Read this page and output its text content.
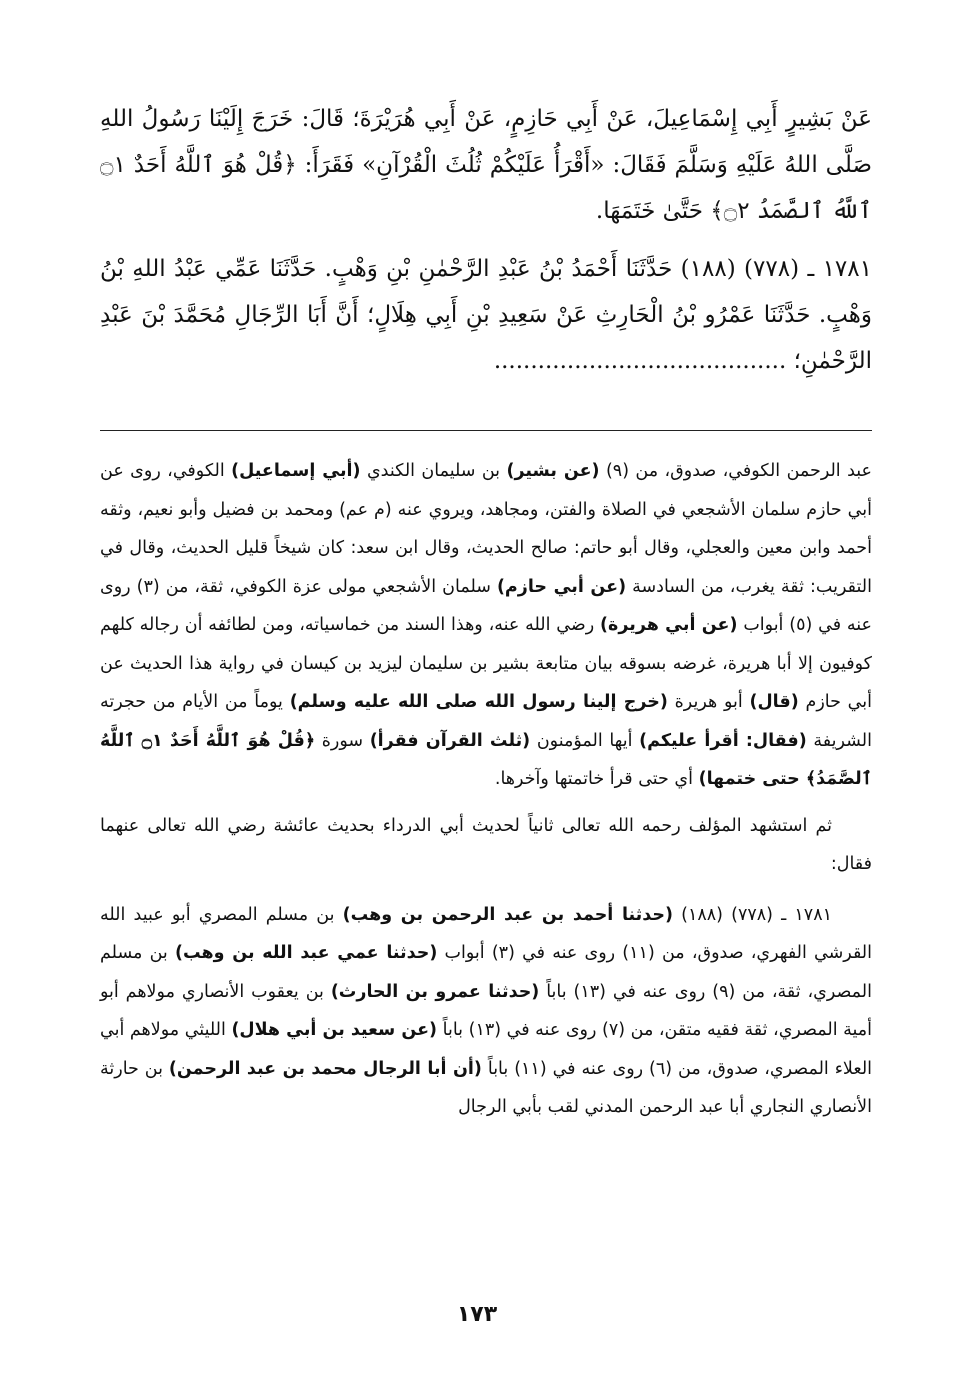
عَنْ بَشِيرٍ أَبِي إِسْمَاعِيلَ، عَنْ أَبِي حَازِمٍ، عَنْ أَبِي هُرَيْرَةَ؛ قَالَ: خَرَجَ إِلَيْنَا رَسُولُ اللهِ صَلَّى اللهُ عَلَيْهِ وَسَلَّمَ فَقَالَ: «أَقْرَأُ عَلَيْكُمْ ثُلُثَ الْقُرْآنِ» فَقَرَأَ: ﴿قُلْ هُوَ ٱللَّهُ أَحَدٌ ۝١ ٱللَّهُ ٱلصَّمَدُ ۝٢﴾ حَتَّىٰ خَتَمَهَا.

١٧٨١ ـ (٧٧٨) (١٨٨) حَدَّثَنَا أَحْمَدُ بْنُ عَبْدِ الرَّحْمٰنِ بْنِ وَهْبٍ. حَدَّثَنَا عَمِّي عَبْدُ اللهِ بْنُ وَهْبٍ. حَدَّثَنَا عَمْرُو بْنُ الْحَارِثِ عَنْ سَعِيدِ بْنِ أَبِي هِلَالٍ؛ أَنَّ أَبَا الرِّجَالِ مُحَمَّدَ بْنَ عَبْدِ الرَّحْمٰنِ؛ ........................................

عبد الرحمن الكوفي، صدوق، من (٩) (عن بشير) بن سليمان الكندي (أبي إسماعيل) الكوفي، روى عن أبي حازم سلمان الأشجعي في الصلاة والفتن، ومجاهد، ويروي عنه (م عم) ومحمد بن فضيل وأبو نعيم، وثقه أحمد وابن معين والعجلي، وقال أبو حاتم: صالح الحديث، وقال ابن سعد: كان شيخاً قليل الحديث، وقال في التقريب: ثقة يغرب، من السادسة (عن أبي حازم) سلمان الأشجعي مولى عزة الكوفي، ثقة، من (٣) روى عنه في (٥) أبواب (عن أبي هريرة) رضي الله عنه، وهذا السند من خماسياته، ومن لطائفه أن رجاله كلهم كوفيون إلا أبا هريرة، غرضه بسوقه بيان متابعة بشير بن سليمان ليزيد بن كيسان في رواية هذا الحديث عن أبي حازم (قال) أبو هريرة (خرج إلينا رسول الله صلى الله عليه وسلم) يوماً من الأيام من حجرته الشريفة (فقال: أقرأ عليكم) أيها المؤمنون (ثلث القرآن فقرأ) سورة ﴿قُلْ هُوَ ٱللَّهُ أَحَدٌ ۝١ ٱللَّهُ ٱلصَّمَدُ﴾ حتى ختمها) أي حتى قرأ خاتمتها وآخرها.

ثم استشهد المؤلف رحمه الله تعالى ثانياً لحديث أبي الدرداء بحديث عائشة رضي الله تعالى عنهما فقال:

١٧٨١ ـ (٧٧٨) (١٨٨) (حدثنا أحمد بن عبد الرحمن بن وهب) بن مسلم المصري أبو عبيد الله القرشي الفهري، صدوق، من (١١) روى عنه في (٣) أبواب (حدثنا عمي عبد الله بن وهب) بن مسلم المصري، ثقة، من (٩) روى عنه في (١٣) باباً (حدثنا عمرو بن الحارث) بن يعقوب الأنصاري مولاهم أبو أمية المصري، ثقة فقيه متقن، من (٧) روى عنه في (١٣) باباً (عن سعيد بن أبي هلال) الليثي مولاهم أبي العلاء المصري، صدوق، من (٦) روى عنه في (١١) باباً (أن أبا الرجال محمد بن عبد الرحمن) بن حارثة الأنصاري النجاري أبا عبد الرحمن المدني لقب بأبي الرجال

١٧٣
